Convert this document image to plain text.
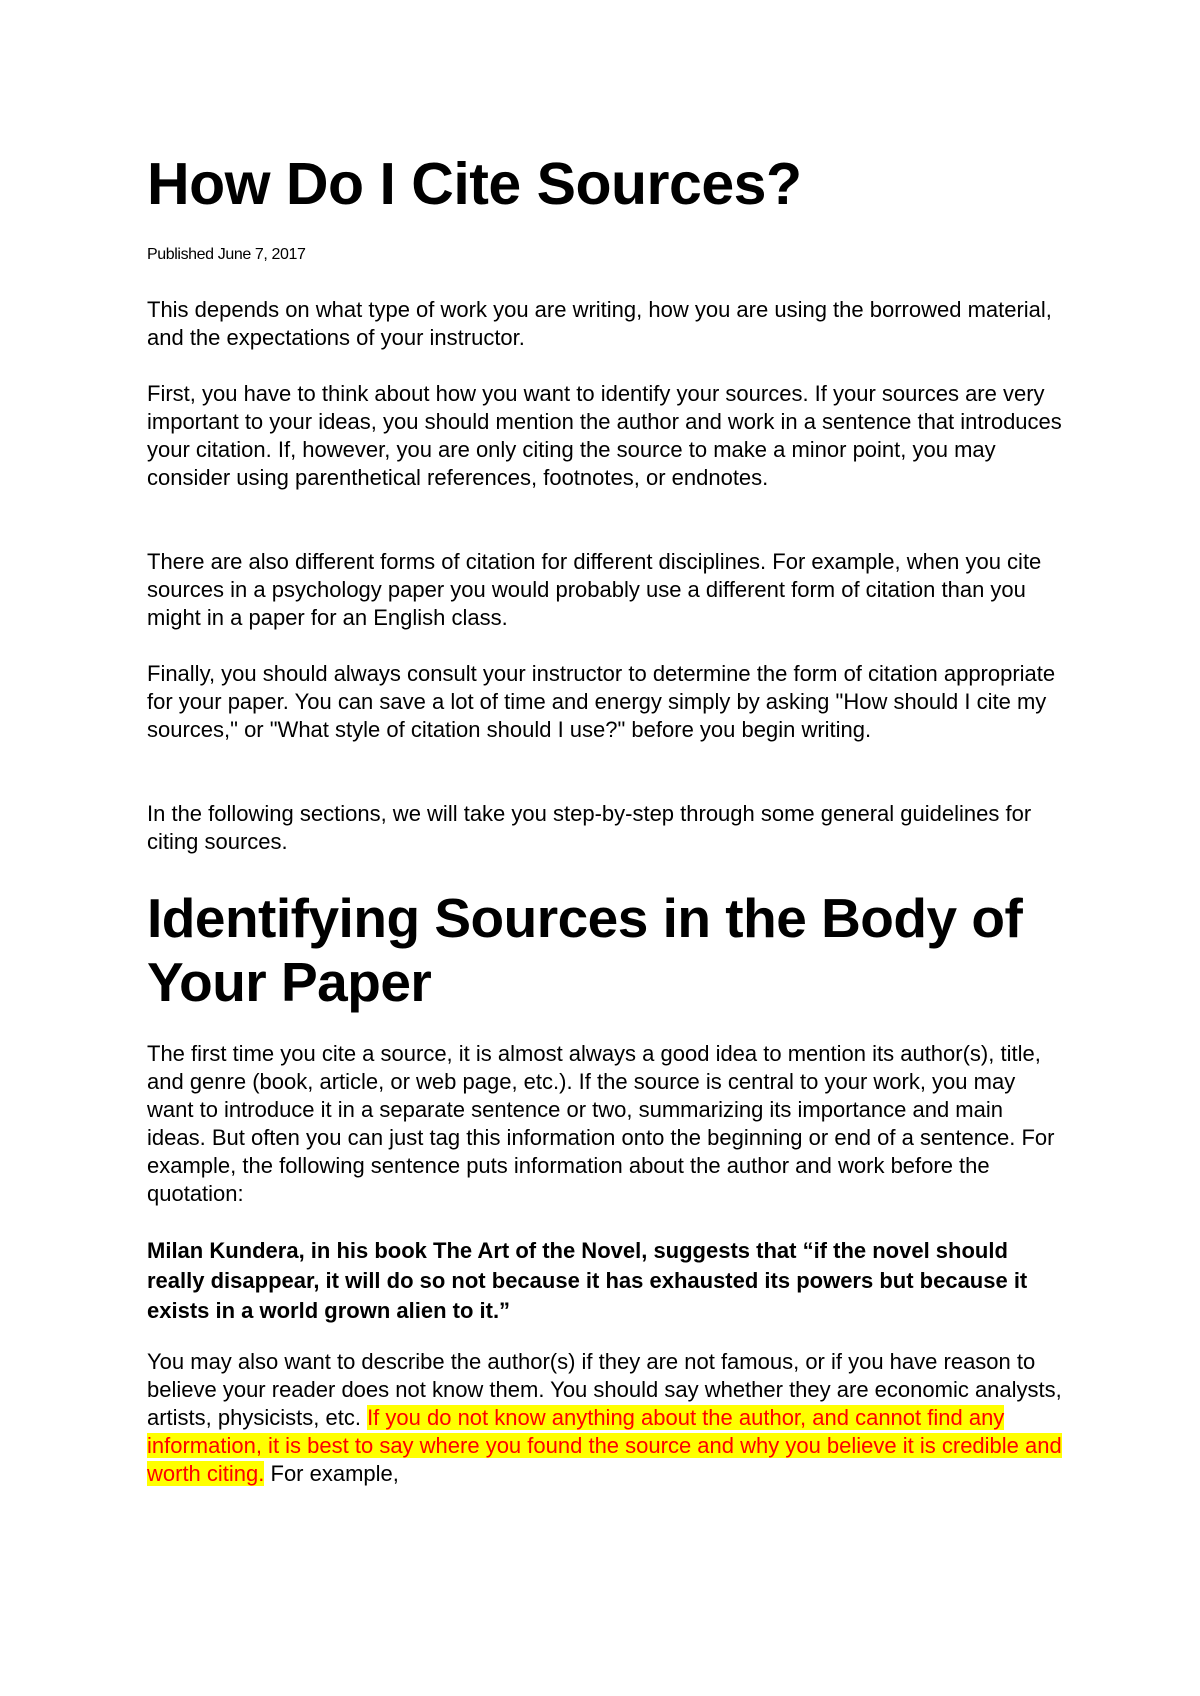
How Do I Cite Sources?
Published June 7, 2017

This depends on what type of work you are writing, how you are using the borrowed material, and the expectations of your instructor.

First, you have to think about how you want to identify your sources. If your sources are very important to your ideas, you should mention the author and work in a sentence that introduces your citation. If, however, you are only citing the source to make a minor point, you may consider using parenthetical references, footnotes, or endnotes.

There are also different forms of citation for different disciplines. For example, when you cite sources in a psychology paper you would probably use a different form of citation than you might in a paper for an English class.

Finally, you should always consult your instructor to determine the form of citation appropriate for your paper. You can save a lot of time and energy simply by asking "How should I cite my sources," or "What style of citation should I use?" before you begin writing.

In the following sections, we will take you step-by-step through some general guidelines for citing sources.

Identifying Sources in the Body of Your Paper

The first time you cite a source, it is almost always a good idea to mention its author(s), title, and genre (book, article, or web page, etc.). If the source is central to your work, you may want to introduce it in a separate sentence or two, summarizing its importance and main ideas. But often you can just tag this information onto the beginning or end of a sentence. For example, the following sentence puts information about the author and work before the quotation:

Milan Kundera, in his book The Art of the Novel, suggests that “if the novel should really disappear, it will do so not because it has exhausted its powers but because it exists in a world grown alien to it.”

You may also want to describe the author(s) if they are not famous, or if you have reason to believe your reader does not know them. You should say whether they are economic analysts, artists, physicists, etc. If you do not know anything about the author, and cannot find any information, it is best to say where you found the source and why you believe it is credible and worth citing. For example,
